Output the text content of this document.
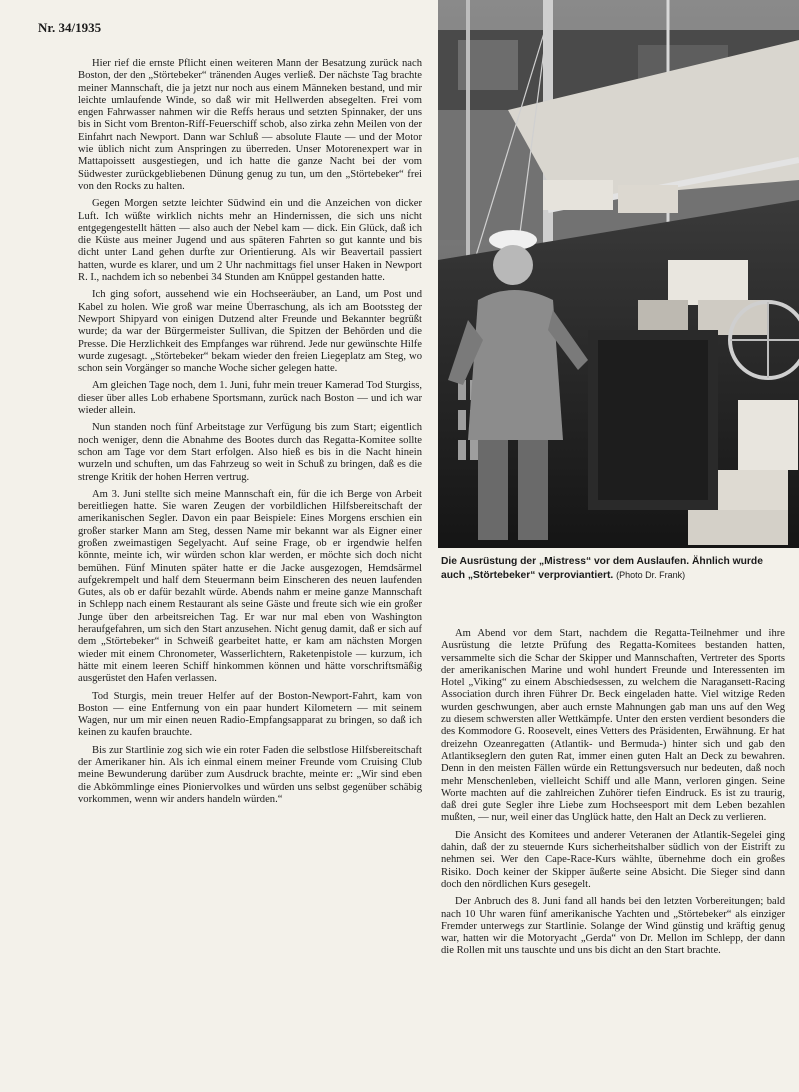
Nr. 34/1935

Hier rief die ernste Pflicht einen weiteren Mann der Besatzung zurück nach Boston, der den „Störtebeker“ tränenden Auges verließ. Der nächste Tag brachte meiner Mannschaft, die ja jetzt nur noch aus einem Männeken bestand, und mir leichte umlaufende Winde, so daß wir mit Hellwerden absegelten. Frei vom engen Fahrwasser nahmen wir die Reffs heraus und setzten Spinnaker, der uns bis in Sicht vom Brenton-Riff-Feuerschiff schob, also zirka zehn Meilen von der Einfahrt nach Newport. Dann war Schluß — absolute Flaute — und der Motor wie üblich nicht zum Anspringen zu überreden. Unser Motorenexpert war in Mattapoissett ausgestiegen, und ich hatte die ganze Nacht bei der vom Südwester zurückgebliebenen Dünung genug zu tun, um den „Störtebeker“ frei von den Rocks zu halten.

Gegen Morgen setzte leichter Südwind ein und die Anzeichen von dicker Luft. Ich wüßte wirklich nichts mehr an Hindernissen, die sich uns nicht entgegengestellt hätten — also auch der Nebel kam — dick. Ein Glück, daß ich die Küste aus meiner Jugend und aus späteren Fahrten so gut kannte und bis dicht unter Land gehen durfte zur Orientierung. Als wir Beavertail passiert hatten, wurde es klarer, und um 2 Uhr nachmittags fiel unser Haken in Newport R. I., nachdem ich so nebenbei 34 Stunden am Knüppel gestanden hatte.

Ich ging sofort, aussehend wie ein Hochseeräuber, an Land, um Post und Kabel zu holen. Wie groß war meine Überraschung, als ich am Bootssteg der Newport Shipyard von einigen Dutzend alter Freunde und Bekannter begrüßt wurde; da war der Bürgermeister Sullivan, die Spitzen der Behörden und die Presse. Die Herzlichkeit des Empfanges war rührend. Jede nur gewünschte Hilfe wurde zugesagt. „Störtebeker“ bekam wieder den freien Liegeplatz am Steg, wo schon sein Vorgänger so manche Woche sicher gelegen hatte.

Am gleichen Tage noch, dem 1. Juni, fuhr mein treuer Kamerad Tod Sturgiss, dieser über alles Lob erhabene Sportsmann, zurück nach Boston — und ich war wieder allein.

Nun standen noch fünf Arbeitstage zur Verfügung bis zum Start; eigentlich noch weniger, denn die Abnahme des Bootes durch das Regatta-Komitee sollte schon am Tage vor dem Start erfolgen. Also hieß es bis in die Nacht hinein wurzeln und schuften, um das Fahrzeug so weit in Schuß zu bringen, daß es die strenge Kritik der hohen Herren vertrug.

Am 3. Juni stellte sich meine Mannschaft ein, für die ich Berge von Arbeit bereitliegen hatte. Sie waren Zeugen der vorbildlichen Hilfsbereitschaft der amerikanischen Segler. Davon ein paar Beispiele: Eines Morgens erschien ein großer starker Mann am Steg, dessen Name mir bekannt war als Eigner einer großen zweimastigen Segelyacht. Auf seine Frage, ob er irgendwie helfen könnte, meinte ich, wir würden schon klar werden, er möchte sich doch nicht bemühen. Fünf Minuten später hatte er die Jacke ausgezogen, Hemdsärmel aufgekrempelt und half dem Steuermann beim Einscheren des neuen laufenden Gutes, als ob er dafür bezahlt würde. Abends nahm er meine ganze Mannschaft in Schlepp nach einem Restaurant als seine Gäste und freute sich wie ein großer Junge über den arbeitsreichen Tag. Er war nur mal eben von Washington heraufgefahren, um sich den Start anzusehen. Nicht genug damit, daß er sich auf dem „Störtebeker“ in Schweiß gearbeitet hatte, er kam am nächsten Morgen wieder mit einem Chronometer, Wasserlichtern, Raketenpistole — kurzum, ich hätte mit einem leeren Schiff hinkommen können und hätte vorschriftsmäßig ausgerüstet den Hafen verlassen.

Tod Sturgis, mein treuer Helfer auf der Boston-Newport-Fahrt, kam von Boston — eine Entfernung von ein paar hundert Kilometern — mit seinem Wagen, nur um mir einen neuen Radio-Empfangsapparat zu bringen, so daß ich keinen zu kaufen brauchte.

Bis zur Startlinie zog sich wie ein roter Faden die selbstlose Hilfsbereitschaft der Amerikaner hin. Als ich einmal einem meiner Freunde vom Cruising Club meine Bewunderung darüber zum Ausdruck brachte, meinte er: „Wir sind eben die Abkömmlinge eines Pioniervolkes und würden uns selbst gegenüber schäbig vorkommen, wenn wir anders handeln würden.“

Die Ausrüstung der „Mistress“ vor dem Auslaufen. Ähnlich wurde auch „Störtebeker“ verproviantiert. (Photo Dr. Frank)

Am Abend vor dem Start, nachdem die Regatta-Teilnehmer und ihre Ausrüstung die letzte Prüfung des Regatta-Komitees bestanden hatten, versammelte sich die Schar der Skipper und Mannschaften, Vertreter des Sports der amerikanischen Marine und wohl hundert Freunde und Interessenten im Hotel „Viking“ zu einem Abschiedsessen, zu welchem die Naragansett-Racing Association durch ihren Führer Dr. Beck eingeladen hatte. Viel witzige Reden wurden geschwungen, aber auch ernste Mahnungen gab man uns auf den Weg zu diesem schwersten aller Wettkämpfe. Unter den ersten verdient besonders die des Kommodore G. Roosevelt, eines Vetters des Präsidenten, Erwähnung. Er hat dreizehn Ozeanregatten (Atlantik- und Bermuda-) hinter sich und gab den Atlantikseglern den guten Rat, immer einen guten Halt an Deck zu bewahren. Denn in den meisten Fällen würde ein Rettungsversuch nur bedeuten, daß noch mehr Menschenleben, vielleicht Schiff und alle Mann, verloren gingen. Seine Worte machten auf die zahlreichen Zuhörer tiefen Eindruck. Es ist zu traurig, daß drei gute Segler ihre Liebe zum Hochseesport mit dem Leben bezahlen mußten, — nur, weil einer das Unglück hatte, den Halt an Deck zu verlieren.

Die Ansicht des Komitees und anderer Veteranen der Atlantik-Segelei ging dahin, daß der zu steuernde Kurs sicherheitshalber südlich von der Eistrift zu nehmen sei. Wer den Cape-Race-Kurs wählte, übernehme doch ein großes Risiko. Doch keiner der Skipper äußerte seine Absicht. Die Sieger sind dann doch den nördlichen Kurs gesegelt.

Der Anbruch des 8. Juni fand all hands bei den letzten Vorbereitungen; bald nach 10 Uhr waren fünf amerikanische Yachten und „Störtebeker“ als einziger Fremder unterwegs zur Startlinie. Solange der Wind günstig und kräftig genug war, hatten wir die Motoryacht „Gerda“ von Dr. Mellon im Schlepp, der dann die Rollen mit uns tauschte und uns bis dicht an den Start brachte.
